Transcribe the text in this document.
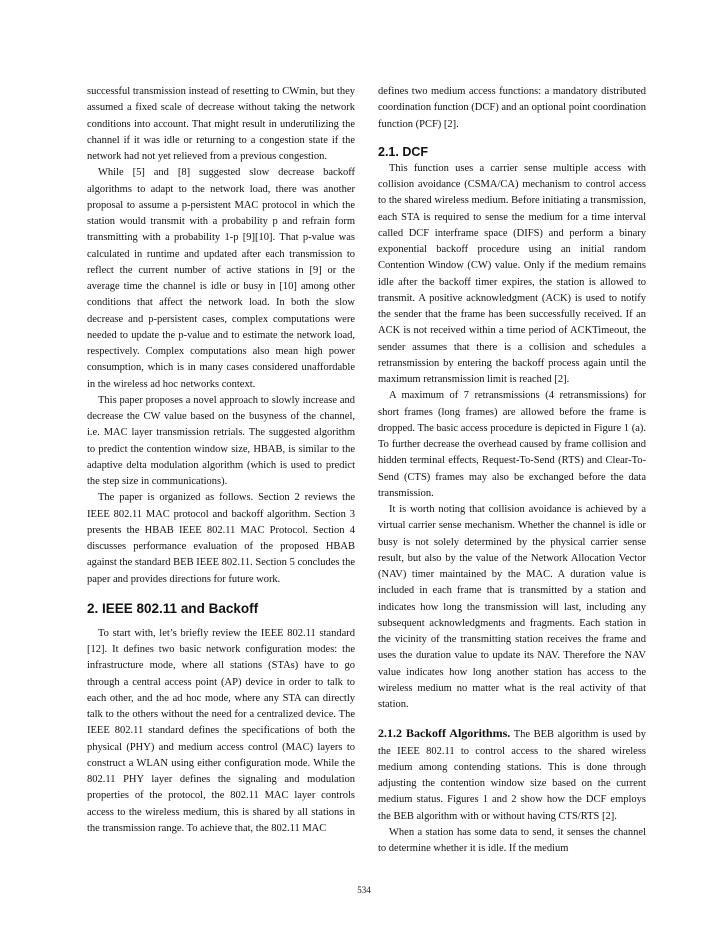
successful transmission instead of resetting to CWmin, but they assumed a fixed scale of decrease without taking the network conditions into account. That might result in underutilizing the channel if it was idle or returning to a congestion state if the network had not yet relieved from a previous congestion.

While [5] and [8] suggested slow decrease backoff algorithms to adapt to the network load, there was another proposal to assume a p-persistent MAC protocol in which the station would transmit with a probability p and refrain form transmitting with a probability 1-p [9][10]. That p-value was calculated in runtime and updated after each transmission to reflect the current number of active stations in [9] or the average time the channel is idle or busy in [10] among other conditions that affect the network load. In both the slow decrease and p-persistent cases, complex computations were needed to update the p-value and to estimate the network load, respectively. Complex computations also mean high power consumption, which is in many cases considered unaffordable in the wireless ad hoc networks context.

This paper proposes a novel approach to slowly increase and decrease the CW value based on the busyness of the channel, i.e. MAC layer transmission retrials. The suggested algorithm to predict the contention window size, HBAB, is similar to the adaptive delta modulation algorithm (which is used to predict the step size in communications).

The paper is organized as follows. Section 2 reviews the IEEE 802.11 MAC protocol and backoff algorithm. Section 3 presents the HBAB IEEE 802.11 MAC Protocol. Section 4 discusses performance evaluation of the proposed HBAB against the standard BEB IEEE 802.11. Section 5 concludes the paper and provides directions for future work.

2. IEEE 802.11 and Backoff

To start with, let’s briefly review the IEEE 802.11 standard [12]. It defines two basic network configuration modes: the infrastructure mode, where all stations (STAs) have to go through a central access point (AP) device in order to talk to each other, and the ad hoc mode, where any STA can directly talk to the others without the need for a centralized device. The IEEE 802.11 standard defines the specifications of both the physical (PHY) and medium access control (MAC) layers to construct a WLAN using either configuration mode. While the 802.11 PHY layer defines the signaling and modulation properties of the protocol, the 802.11 MAC layer controls access to the wireless medium, this is shared by all stations in the transmission range. To achieve that, the 802.11 MAC

defines two medium access functions: a mandatory distributed coordination function (DCF) and an optional point coordination function (PCF) [2].

2.1. DCF

This function uses a carrier sense multiple access with collision avoidance (CSMA/CA) mechanism to control access to the shared wireless medium. Before initiating a transmission, each STA is required to sense the medium for a time interval called DCF interframe space (DIFS) and perform a binary exponential backoff procedure using an initial random Contention Window (CW) value. Only if the medium remains idle after the backoff timer expires, the station is allowed to transmit. A positive acknowledgment (ACK) is used to notify the sender that the frame has been successfully received. If an ACK is not received within a time period of ACKTimeout, the sender assumes that there is a collision and schedules a retransmission by entering the backoff process again until the maximum retransmission limit is reached [2].

A maximum of 7 retransmissions (4 retransmissions) for short frames (long frames) are allowed before the frame is dropped. The basic access procedure is depicted in Figure 1 (a). To further decrease the overhead caused by frame collision and hidden terminal effects, Request-To-Send (RTS) and Clear-To-Send (CTS) frames may also be exchanged before the data transmission.

It is worth noting that collision avoidance is achieved by a virtual carrier sense mechanism. Whether the channel is idle or busy is not solely determined by the physical carrier sense result, but also by the value of the Network Allocation Vector (NAV) timer maintained by the MAC. A duration value is included in each frame that is transmitted by a station and indicates how long the transmission will last, including any subsequent acknowledgments and fragments. Each station in the vicinity of the transmitting station receives the frame and uses the duration value to update its NAV. Therefore the NAV value indicates how long another station has access to the wireless medium no matter what is the real activity of that station.

2.1.2 Backoff Algorithms. The BEB algorithm is used by the IEEE 802.11 to control access to the shared wireless medium among contending stations. This is done through adjusting the contention window size based on the current medium status. Figures 1 and 2 show how the DCF employs the BEB algorithm with or without having CTS/RTS [2].

When a station has some data to send, it senses the channel to determine whether it is idle. If the medium

534
